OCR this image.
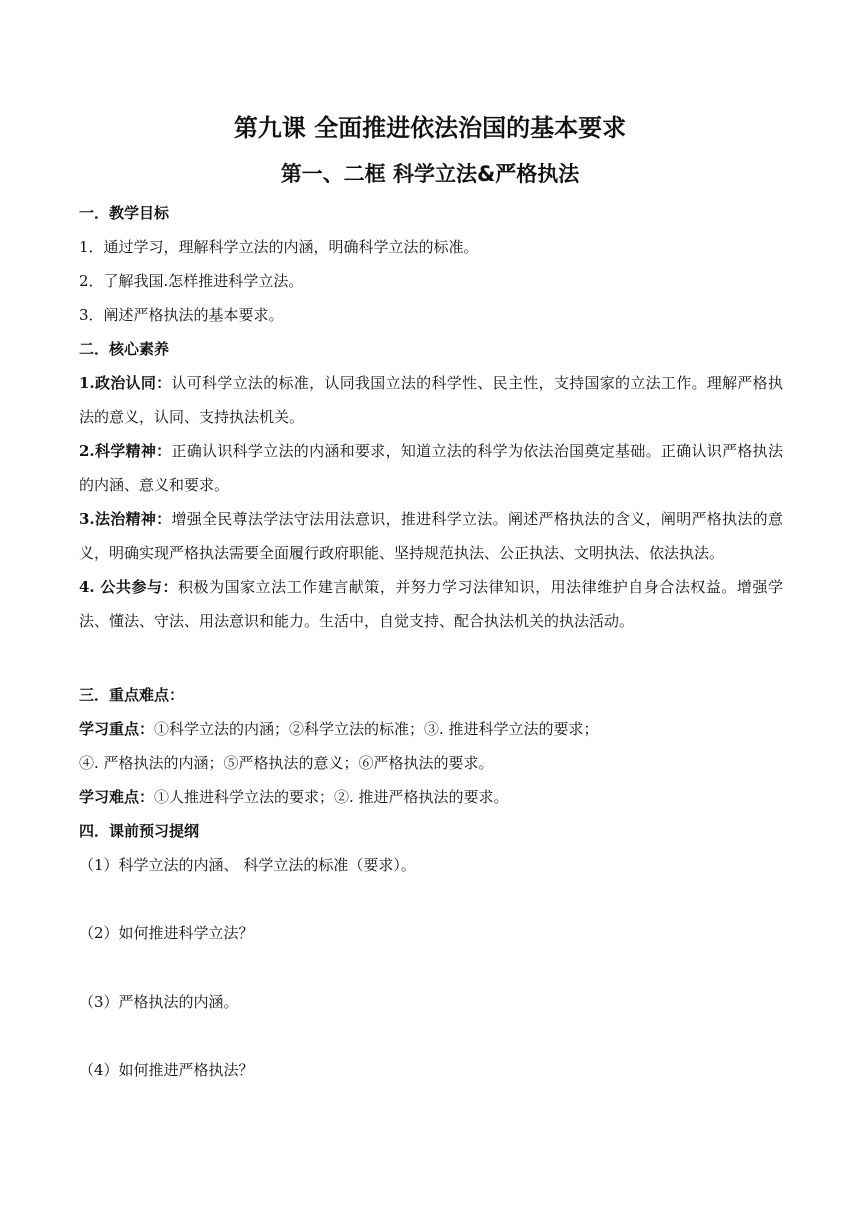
第九课 全面推进依法治国的基本要求
第一、二框 科学立法&严格执法

一．教学目标

1．通过学习，理解科学立法的内涵，明确科学立法的标准。

2．了解我国.怎样推进科学立法。

3．阐述严格执法的基本要求。

二．核心素养

1.政治认同：认可科学立法的标准，认同我国立法的科学性、民主性，支持国家的立法工作。理解严格执法的意义，认同、支持执法机关。

2.科学精神：正确认识科学立法的内涵和要求，知道立法的科学为依法治国奠定基础。正确认识严格执法的内涵、意义和要求。

3.法治精神：增强全民尊法学法守法用法意识，推进科学立法。阐述严格执法的含义，阐明严格执法的意义，明确实现严格执法需要全面履行政府职能、坚持规范执法、公正执法、文明执法、依法执法。

4. 公共参与：积极为国家立法工作建言献策，并努力学习法律知识，用法律维护自身合法权益。增强学法、懂法、守法、用法意识和能力。生活中，自觉支持、配合执法机关的执法活动。

三．重点难点：

学习重点：①科学立法的内涵；②科学立法的标准；③. 推进科学立法的要求；

④. 严格执法的内涵；⑤严格执法的意义；⑥严格执法的要求。

学习难点：①人推进科学立法的要求；②. 推进严格执法的要求。

四．课前预习提纲

（1）科学立法的内涵、 科学立法的标准（要求）。

（2）如何推进科学立法？
（3）严格执法的内涵。
（4）如何推进严格执法？
